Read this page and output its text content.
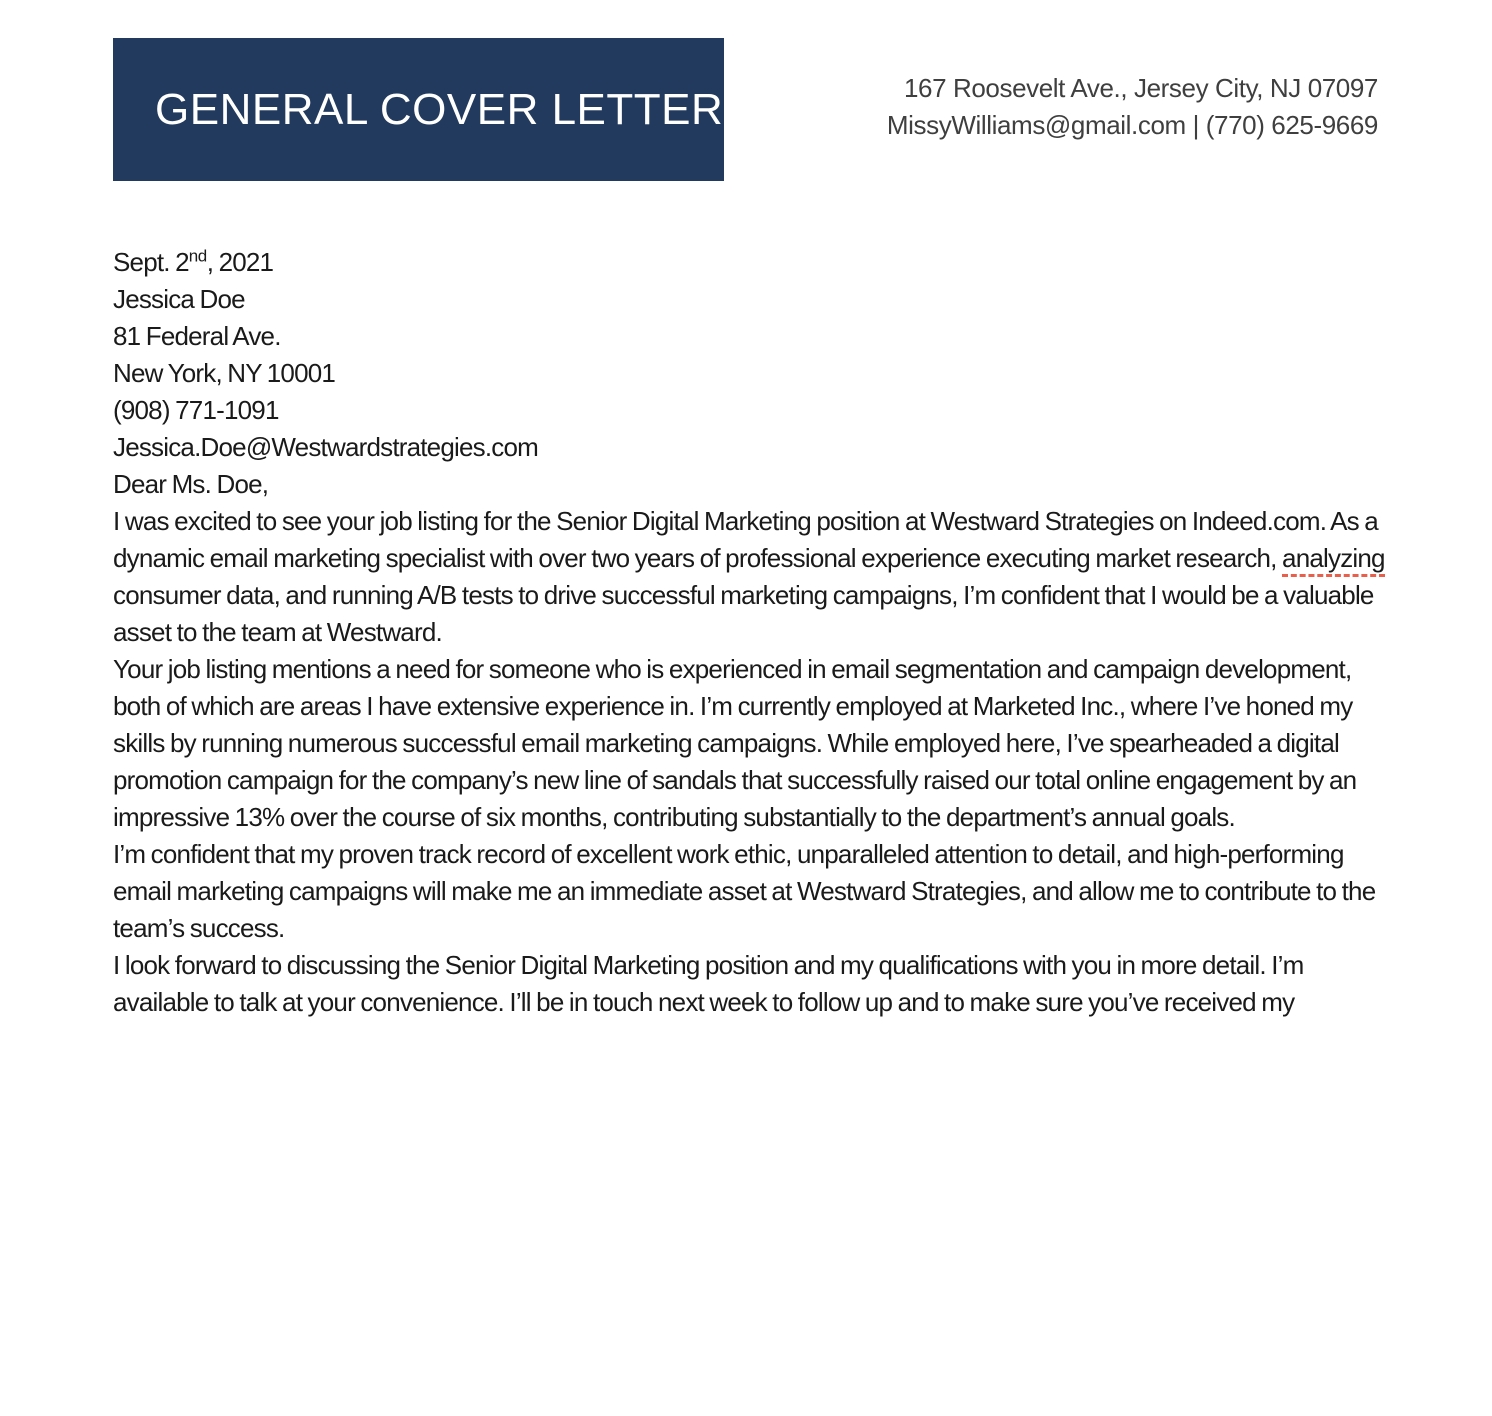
GENERAL COVER LETTER	167 Roosevelt Ave., Jersey City, NJ 07097
MissyWilliams@gmail.com | (770) 625-9669

Sept. 2nd, 2021

Jessica Doe

81 Federal Ave.

New York, NY 10001

(908) 771-1091

Jessica.Doe@Westwardstrategies.com

Dear Ms. Doe,

I was excited to see your job listing for the Senior Digital Marketing position at Westward Strategies on Indeed.com. As a dynamic email marketing specialist with over two years of professional experience executing market research, analyzing consumer data, and running A/B tests to drive successful marketing campaigns, I’m confident that I would be a valuable asset to the team at Westward.

Your job listing mentions a need for someone who is experienced in email segmentation and campaign development, both of which are areas I have extensive experience in. I’m currently employed at Marketed Inc., where I’ve honed my skills by running numerous successful email marketing campaigns. While employed here, I’ve spearheaded a digital promotion campaign for the company’s new line of sandals that successfully raised our total online engagement by an impressive 13% over the course of six months, contributing substantially to the department’s annual goals.

I’m confident that my proven track record of excellent work ethic, unparalleled attention to detail, and high-performing email marketing campaigns will make me an immediate asset at Westward Strategies, and allow me to contribute to the team’s success.

I look forward to discussing the Senior Digital Marketing position and my qualifications with you in more detail. I’m available to talk at your convenience. I’ll be in touch next week to follow up and to make sure you’ve received my
